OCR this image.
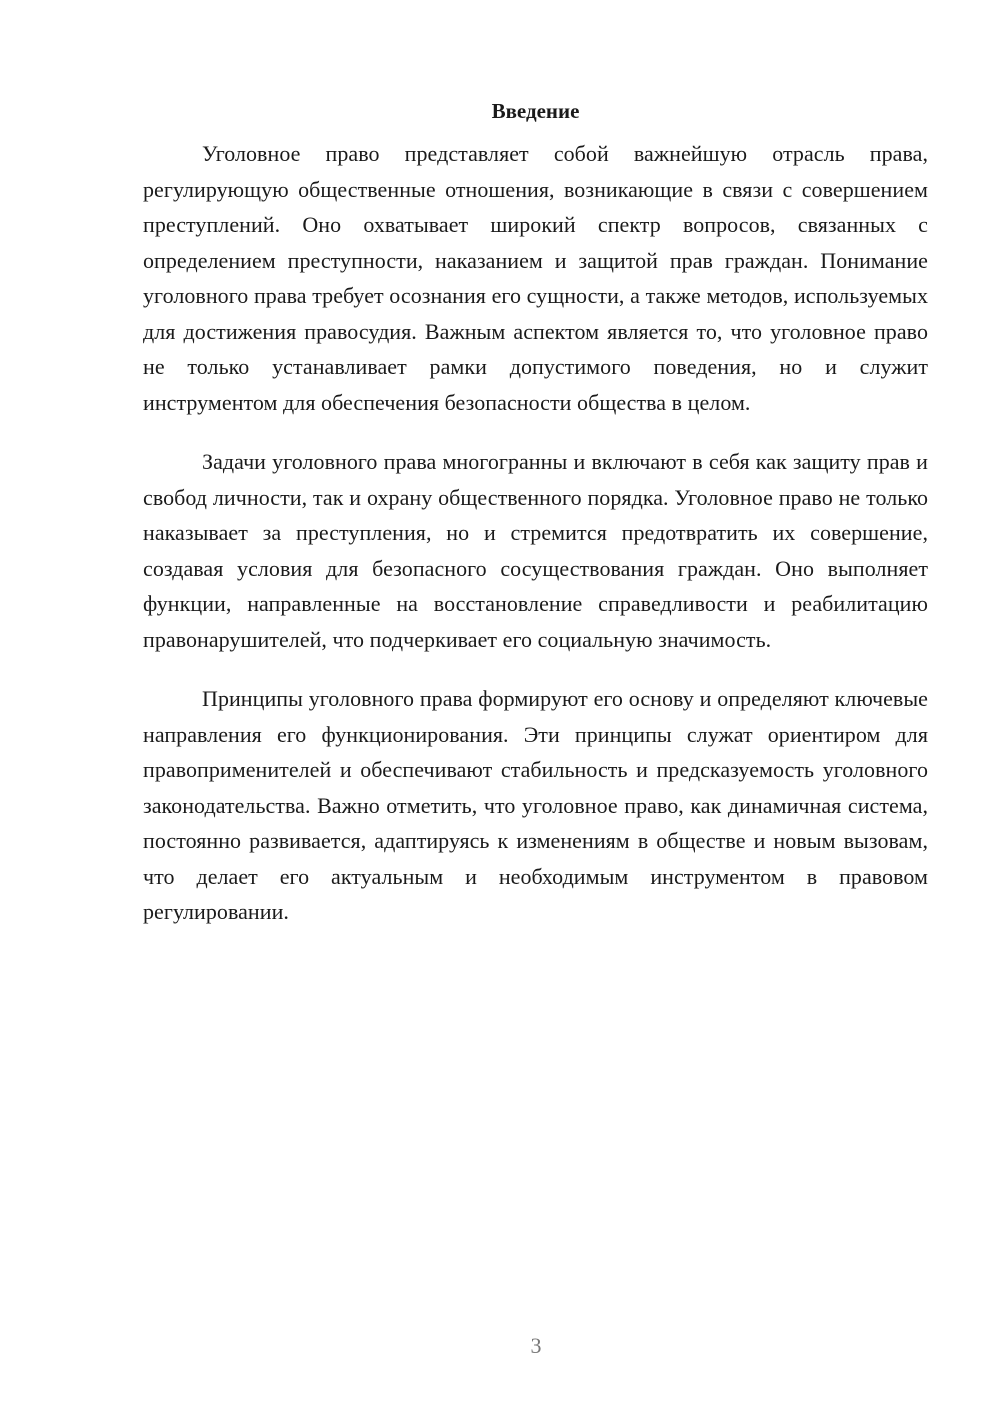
Введение

Уголовное право представляет собой важнейшую отрасль права, регулирующую общественные отношения, возникающие в связи с совершением преступлений. Оно охватывает широкий спектр вопросов, связанных с определением преступности, наказанием и защитой прав граждан. Понимание уголовного права требует осознания его сущности, а также методов, используемых для достижения правосудия. Важным аспектом является то, что уголовное право не только устанавливает рамки допустимого поведения, но и служит инструментом для обеспечения безопасности общества в целом.

Задачи уголовного права многогранны и включают в себя как защиту прав и свобод личности, так и охрану общественного порядка. Уголовное право не только наказывает за преступления, но и стремится предотвратить их совершение, создавая условия для безопасного сосуществования граждан. Оно выполняет функции, направленные на восстановление справедливости и реабилитацию правонарушителей, что подчеркивает его социальную значимость.

Принципы уголовного права формируют его основу и определяют ключевые направления его функционирования. Эти принципы служат ориентиром для правоприменителей и обеспечивают стабильность и предсказуемость уголовного законодательства. Важно отметить, что уголовное право, как динамичная система, постоянно развивается, адаптируясь к изменениям в обществе и новым вызовам, что делает его актуальным и необходимым инструментом в правовом регулировании.

3
